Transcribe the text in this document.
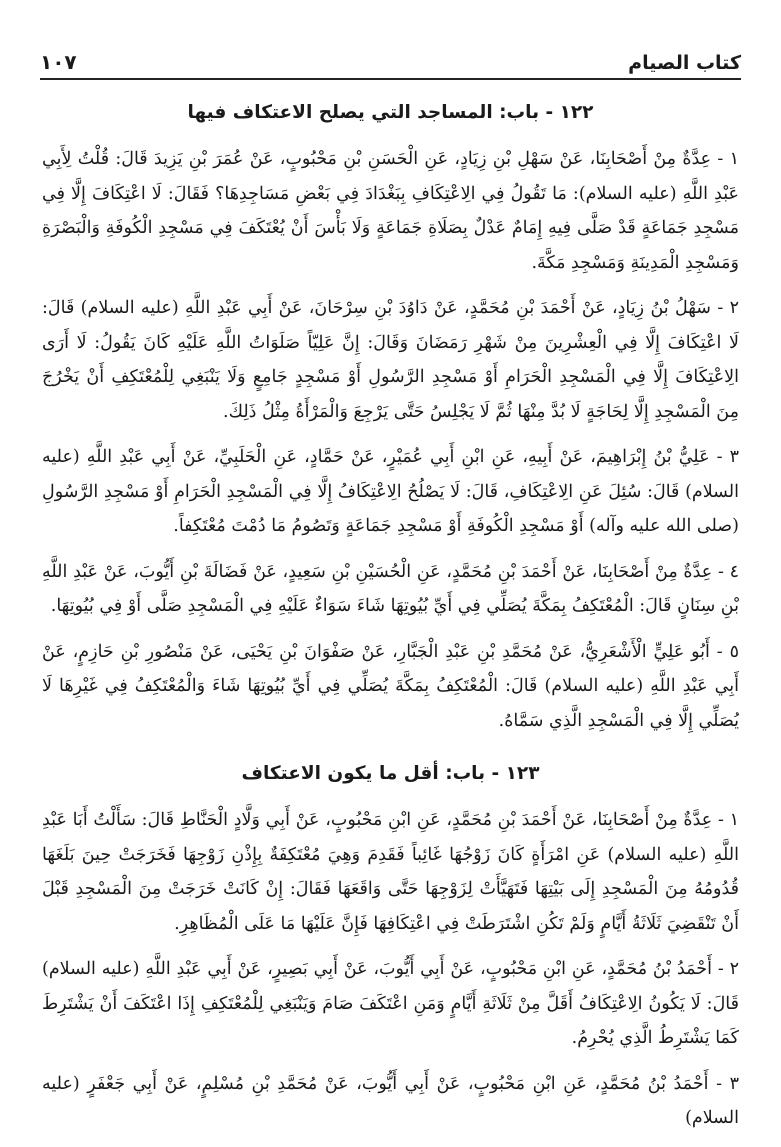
كتاب الصيام
١٠٧
١٢٢ - باب: المساجد التي يصلح الاعتكاف فيها

١ - عِدَّةٌ مِنْ أَصْحَابِنَا، عَنْ سَهْلِ بْنِ زِيَادٍ، عَنِ الْحَسَنِ بْنِ مَحْبُوبٍ، عَنْ عُمَرَ بْنِ يَزِيدَ قَالَ: قُلْتُ لِأَبِي عَبْدِ اللَّهِ (عليه السلام): مَا تَقُولُ فِي الِاعْتِكَافِ بِبَغْدَادَ فِي بَعْضِ مَسَاجِدِهَا؟ فَقَالَ: لَا اعْتِكَافَ إِلَّا فِي مَسْجِدِ جَمَاعَةٍ قَدْ صَلَّى فِيهِ إِمَامٌ عَدْلٌ بِصَلَاةِ جَمَاعَةٍ وَلَا بَأْسَ أَنْ يُعْتَكَفَ فِي مَسْجِدِ الْكُوفَةِ وَالْبَصْرَةِ وَمَسْجِدِ الْمَدِينَةِ وَمَسْجِدِ مَكَّةَ.

٢ - سَهْلُ بْنُ زِيَادٍ، عَنْ أَحْمَدَ بْنِ مُحَمَّدٍ، عَنْ دَاوُدَ بْنِ سِرْحَانَ، عَنْ أَبِي عَبْدِ اللَّهِ (عليه السلام) قَالَ: لَا اعْتِكَافَ إِلَّا فِي الْعِشْرِينَ مِنْ شَهْرِ رَمَضَانَ وَقَالَ: إِنَّ عَلِيّاً صَلَوَاتُ اللَّهِ عَلَيْهِ كَانَ يَقُولُ: لَا أَرَى الِاعْتِكَافَ إِلَّا فِي الْمَسْجِدِ الْحَرَامِ أَوْ مَسْجِدِ الرَّسُولِ أَوْ مَسْجِدٍ جَامِعٍ وَلَا يَنْبَغِي لِلْمُعْتَكِفِ أَنْ يَخْرُجَ مِنَ الْمَسْجِدِ إِلَّا لِحَاجَةٍ لَا بُدَّ مِنْهَا ثُمَّ لَا يَجْلِسُ حَتَّى يَرْجِعَ وَالْمَرْأَةُ مِثْلُ ذَلِكَ.

٣ - عَلِيُّ بْنُ إِبْرَاهِيمَ، عَنْ أَبِيهِ، عَنِ ابْنِ أَبِي عُمَيْرٍ، عَنْ حَمَّادٍ، عَنِ الْحَلَبِيِّ، عَنْ أَبِي عَبْدِ اللَّهِ (عليه السلام) قَالَ: سُئِلَ عَنِ الِاعْتِكَافِ، قَالَ: لَا يَصْلُحُ الِاعْتِكَافُ إِلَّا فِي الْمَسْجِدِ الْحَرَامِ أَوْ مَسْجِدِ الرَّسُولِ (صلى الله عليه وآله) أَوْ مَسْجِدِ الْكُوفَةِ أَوْ مَسْجِدِ جَمَاعَةٍ وَتَصُومُ مَا دُمْتَ مُعْتَكِفاً.

٤ - عِدَّةٌ مِنْ أَصْحَابِنَا، عَنْ أَحْمَدَ بْنِ مُحَمَّدٍ، عَنِ الْحُسَيْنِ بْنِ سَعِيدٍ، عَنْ فَضَالَةَ بْنِ أَيُّوبَ، عَنْ عَبْدِ اللَّهِ بْنِ سِنَانٍ قَالَ: الْمُعْتَكِفُ بِمَكَّةَ يُصَلِّي فِي أَيِّ بُيُوتِهَا شَاءَ سَوَاءٌ عَلَيْهِ فِي الْمَسْجِدِ صَلَّى أَوْ فِي بُيُوتِهَا.

٥ - أَبُو عَلِيٍّ الْأَشْعَرِيُّ، عَنْ مُحَمَّدِ بْنِ عَبْدِ الْجَبَّارِ، عَنْ صَفْوَانَ بْنِ يَحْيَى، عَنْ مَنْصُورِ بْنِ حَازِمٍ، عَنْ أَبِي عَبْدِ اللَّهِ (عليه السلام) قَالَ: الْمُعْتَكِفُ بِمَكَّةَ يُصَلِّي فِي أَيِّ بُيُوتِهَا شَاءَ وَالْمُعْتَكِفُ فِي غَيْرِهَا لَا يُصَلِّي إِلَّا فِي الْمَسْجِدِ الَّذِي سَمَّاهُ.

١٢٣ - باب: أقل ما يكون الاعتكاف

١ - عِدَّةٌ مِنْ أَصْحَابِنَا، عَنْ أَحْمَدَ بْنِ مُحَمَّدٍ، عَنِ ابْنِ مَحْبُوبٍ، عَنْ أَبِي وَلَّادٍ الْحَنَّاطِ قَالَ: سَأَلْتُ أَبَا عَبْدِ اللَّهِ (عليه السلام) عَنِ امْرَأَةٍ كَانَ زَوْجُهَا غَائِباً فَقَدِمَ وَهِيَ مُعْتَكِفَةٌ بِإِذْنِ زَوْجِهَا فَخَرَجَتْ حِينَ بَلَغَهَا قُدُومُهُ مِنَ الْمَسْجِدِ إِلَى بَيْتِهَا فَتَهَيَّأَتْ لِزَوْجِهَا حَتَّى وَاقَعَهَا فَقَالَ: إِنْ كَانَتْ خَرَجَتْ مِنَ الْمَسْجِدِ قَبْلَ أَنْ تَنْقَضِيَ ثَلَاثَةُ أَيَّامٍ وَلَمْ تَكُنِ اشْتَرَطَتْ فِي اعْتِكَافِهَا فَإِنَّ عَلَيْهَا مَا عَلَى الْمُظَاهِرِ.

٢ - أَحْمَدُ بْنُ مُحَمَّدٍ، عَنِ ابْنِ مَحْبُوبٍ، عَنْ أَبِي أَيُّوبَ، عَنْ أَبِي بَصِيرٍ، عَنْ أَبِي عَبْدِ اللَّهِ (عليه السلام) قَالَ: لَا يَكُونُ الِاعْتِكَافُ أَقَلَّ مِنْ ثَلَاثَةِ أَيَّامٍ وَمَنِ اعْتَكَفَ صَامَ وَيَنْبَغِي لِلْمُعْتَكِفِ إِذَا اعْتَكَفَ أَنْ يَشْتَرِطَ كَمَا يَشْتَرِطُ الَّذِي يُحْرِمُ.

٣ - أَحْمَدُ بْنُ مُحَمَّدٍ، عَنِ ابْنِ مَحْبُوبٍ، عَنْ أَبِي أَيُّوبَ، عَنْ مُحَمَّدِ بْنِ مُسْلِمٍ، عَنْ أَبِي جَعْفَرٍ (عليه السلام)
